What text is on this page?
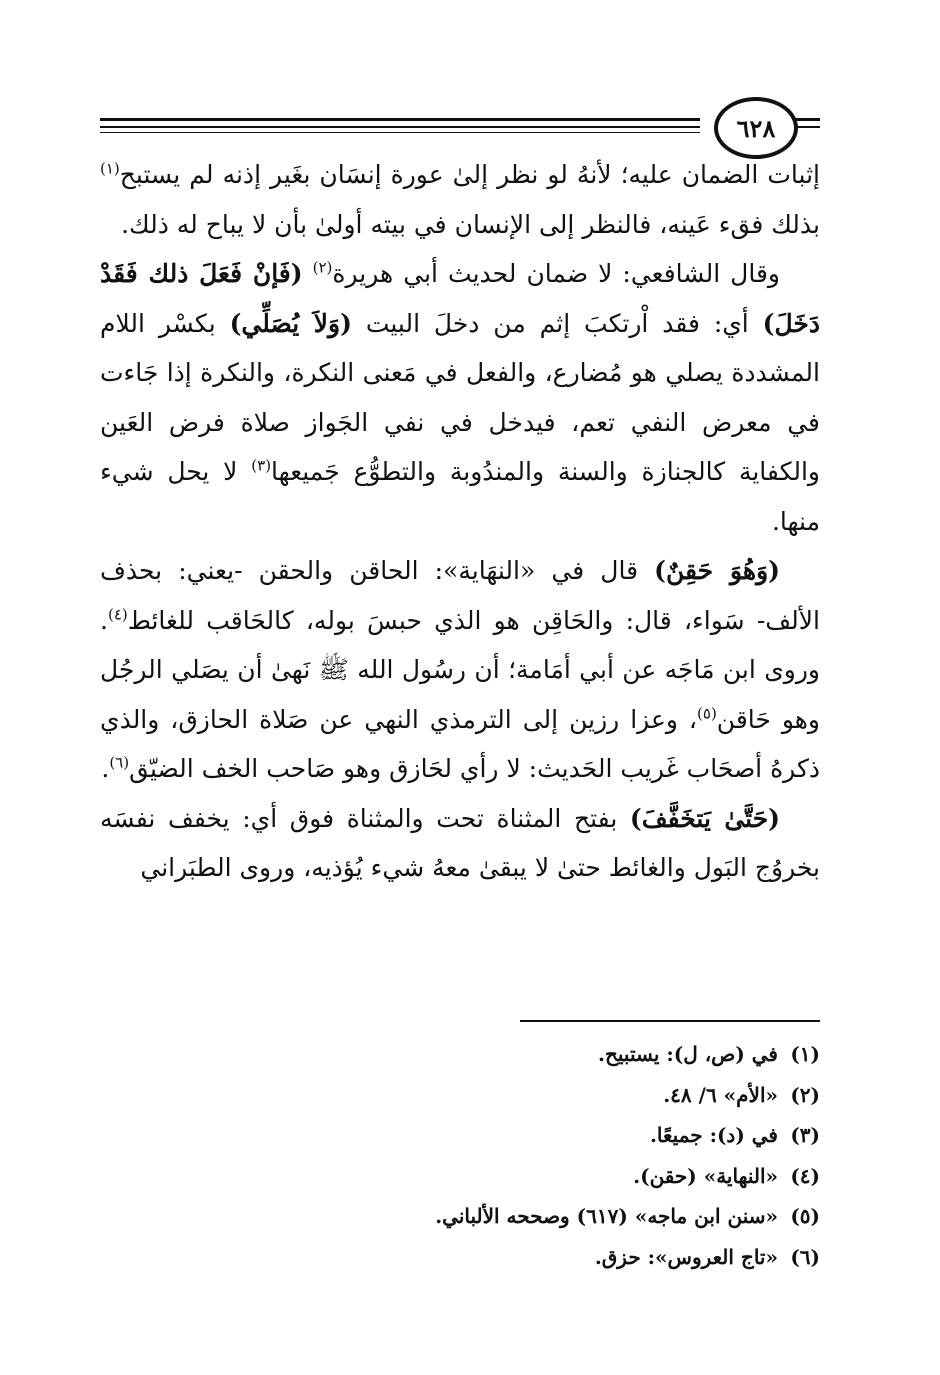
٦٢٨

إثبات الضمان عليه؛ لأنهُ لو نظر إلىٰ عورة إنسَان بغَير إذنه لم يستبح$^{(١)}$ بذلك فقء عَينه، فالنظر إلى الإنسان في بيته أولىٰ بأن لا يباح له ذلك.

وقال الشافعي: لا ضمان لحديث أبي هريرة$^{(٢)}$ (فَإنْ فَعَلَ ذلك فَقَدْ دَخَلَ) أي: فقد اْرتكبَ إثم من دخلَ البيت (وَلاَ يُصَلِّي) بكسْر اللام المشددة يصلي هو مُضارع، والفعل في مَعنى النكرة، والنكرة إذا جَاءت في معرض النفي تعم، فيدخل في نفي الجَواز صلاة فرض العَين والكفاية كالجنازة والسنة والمندُوبة والتطوُّع جَميعها$^{(٣)}$ لا يحل شيء منها.

(وَهُوَ حَقِنٌ) قال في «النهَاية»: الحاقن والحقن -يعني: بحذف الألف- سَواء، قال: والحَاقِن هو الذي حبسَ بوله، كالحَاقب للغائط$^{(٤)}$. وروى ابن مَاجَه عن أبي أمَامة؛ أن رسُول الله ﷺ نَهىٰ أن يصَلي الرجُل وهو حَاقن$^{(٥)}$، وعزا رزين إلى الترمذي النهي عن صَلاة الحازق، والذي ذكرهُ أصحَاب غَريب الحَديث: لا رأي لحَازق وهو صَاحب الخف الضيّق$^{(٦)}$.

(حَتَّىٰ يَتخَفَّفَ) بفتح المثناة تحت والمثناة فوق أي: يخفف نفسَه بخروُج البَول والغائط حتىٰ لا يبقىٰ معهُ شيء يُؤذيه، وروى الطبَراني

(١)
في (ص، ل): يستبيح.
(٢)
«الأم» ٦/ ٤٨.
(٣)
في (د): جميعًا.
(٤)
«النهاية» (حقن).
(٥)
«سنن ابن ماجه» (٦١٧) وصححه الألباني.
(٦)
«تاج العروس»: حزق.
